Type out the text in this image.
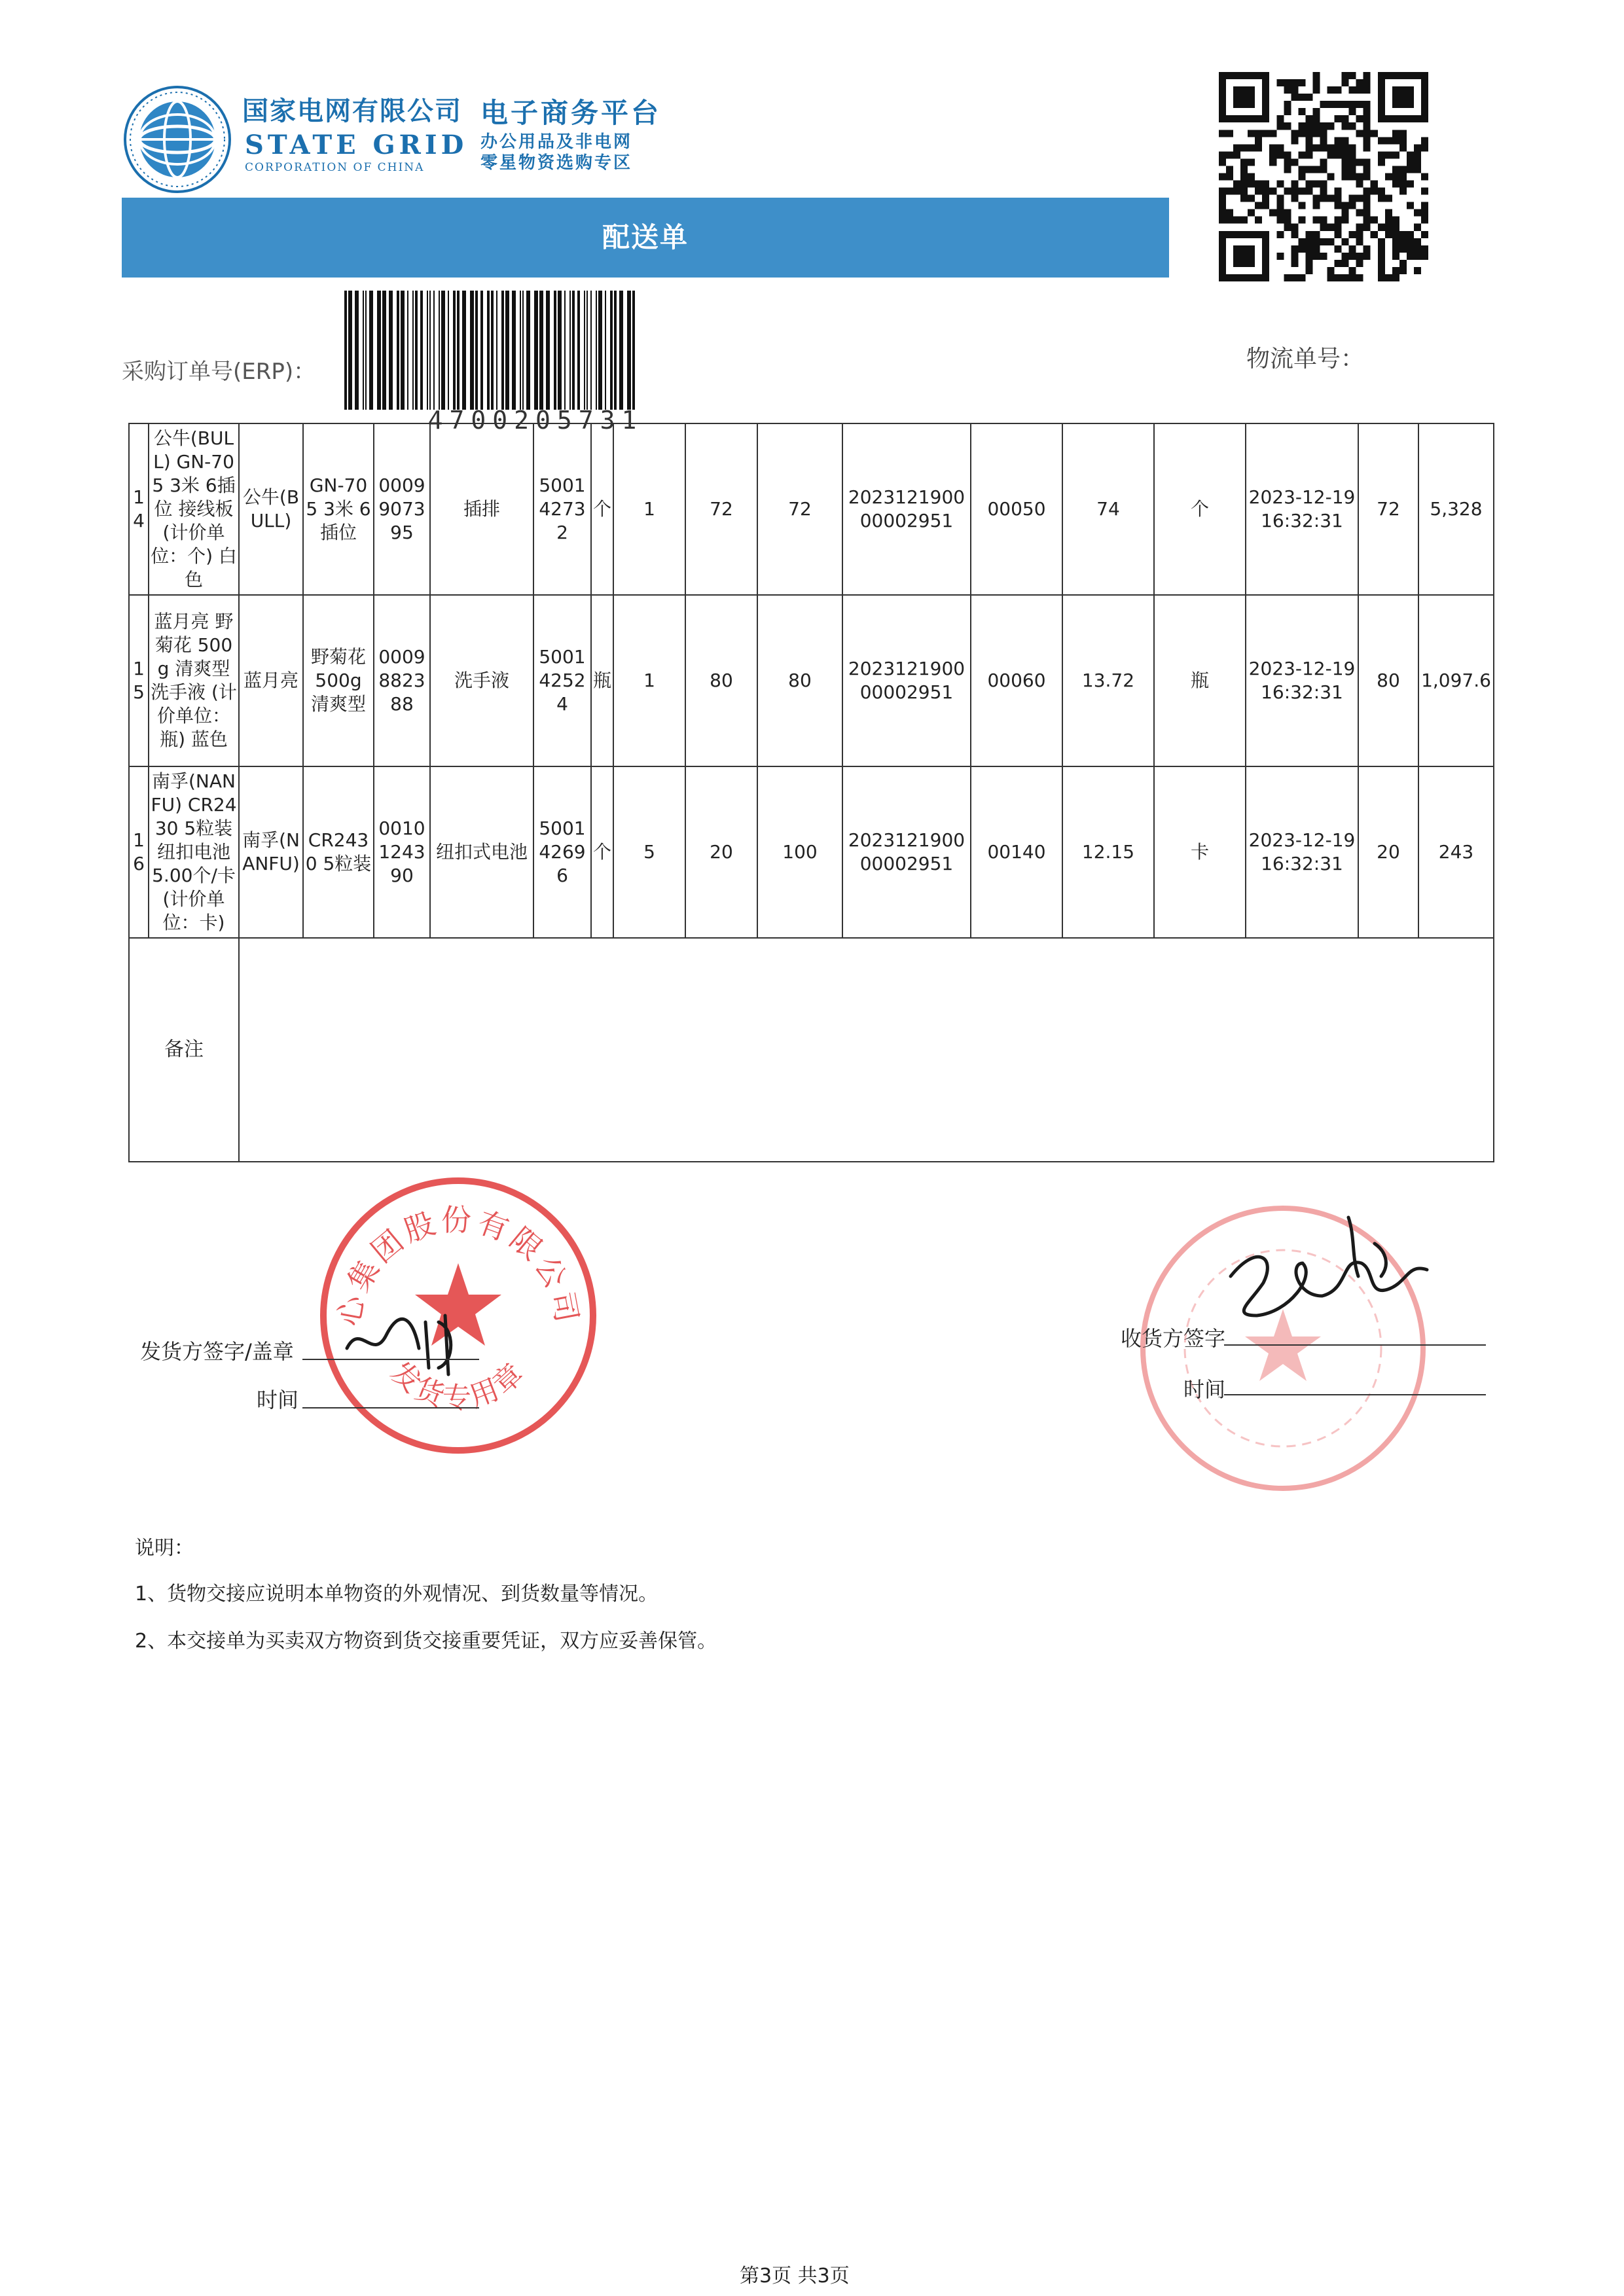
国家电网有限公司
STATE GRID
CORPORATION OF CHINA
电子商务平台
办公用品及非电网
零星物资选购专区
配送单
采购订单号(ERP)：
4700205731
物流单号：
14	公牛(BULL) GN-705 3米 6插位 接线板 (计价单位：个) 白色	公牛(BULL)	GN-705 3米 6插位	0009907395	插排	500142732	个	1	72	72	202312190000002951	00050	74	个	2023-12-19 16:32:31	72	5,328
15	蓝月亮 野菊花 500g 清爽型 洗手液 (计价单位：瓶) 蓝色	蓝月亮	野菊花 500g 清爽型	0009882388	洗手液	500142524	瓶	1	80	80	202312190000002951	00060	13.72	瓶	2023-12-19 16:32:31	80	1,097.6
16	南孚(NANFU) CR2430 5粒装 纽扣电池 5.00个/卡 (计价单位：卡)	南孚(NANFU)	CR2430 5粒装	0010124390	纽扣式电池	500142696	个	5	20	100	202312190000002951	00140	12.15	卡	2023-12-19 16:32:31	20	243
备注																	
心集团股份有限公司
发货专用章
发货方签字/盖章
时间
收货方签字
时间
说明：
1、货物交接应说明本单物资的外观情况、到货数量等情况。
2、本交接单为买卖双方物资到货交接重要凭证，双方应妥善保管。
第3页 共3页
